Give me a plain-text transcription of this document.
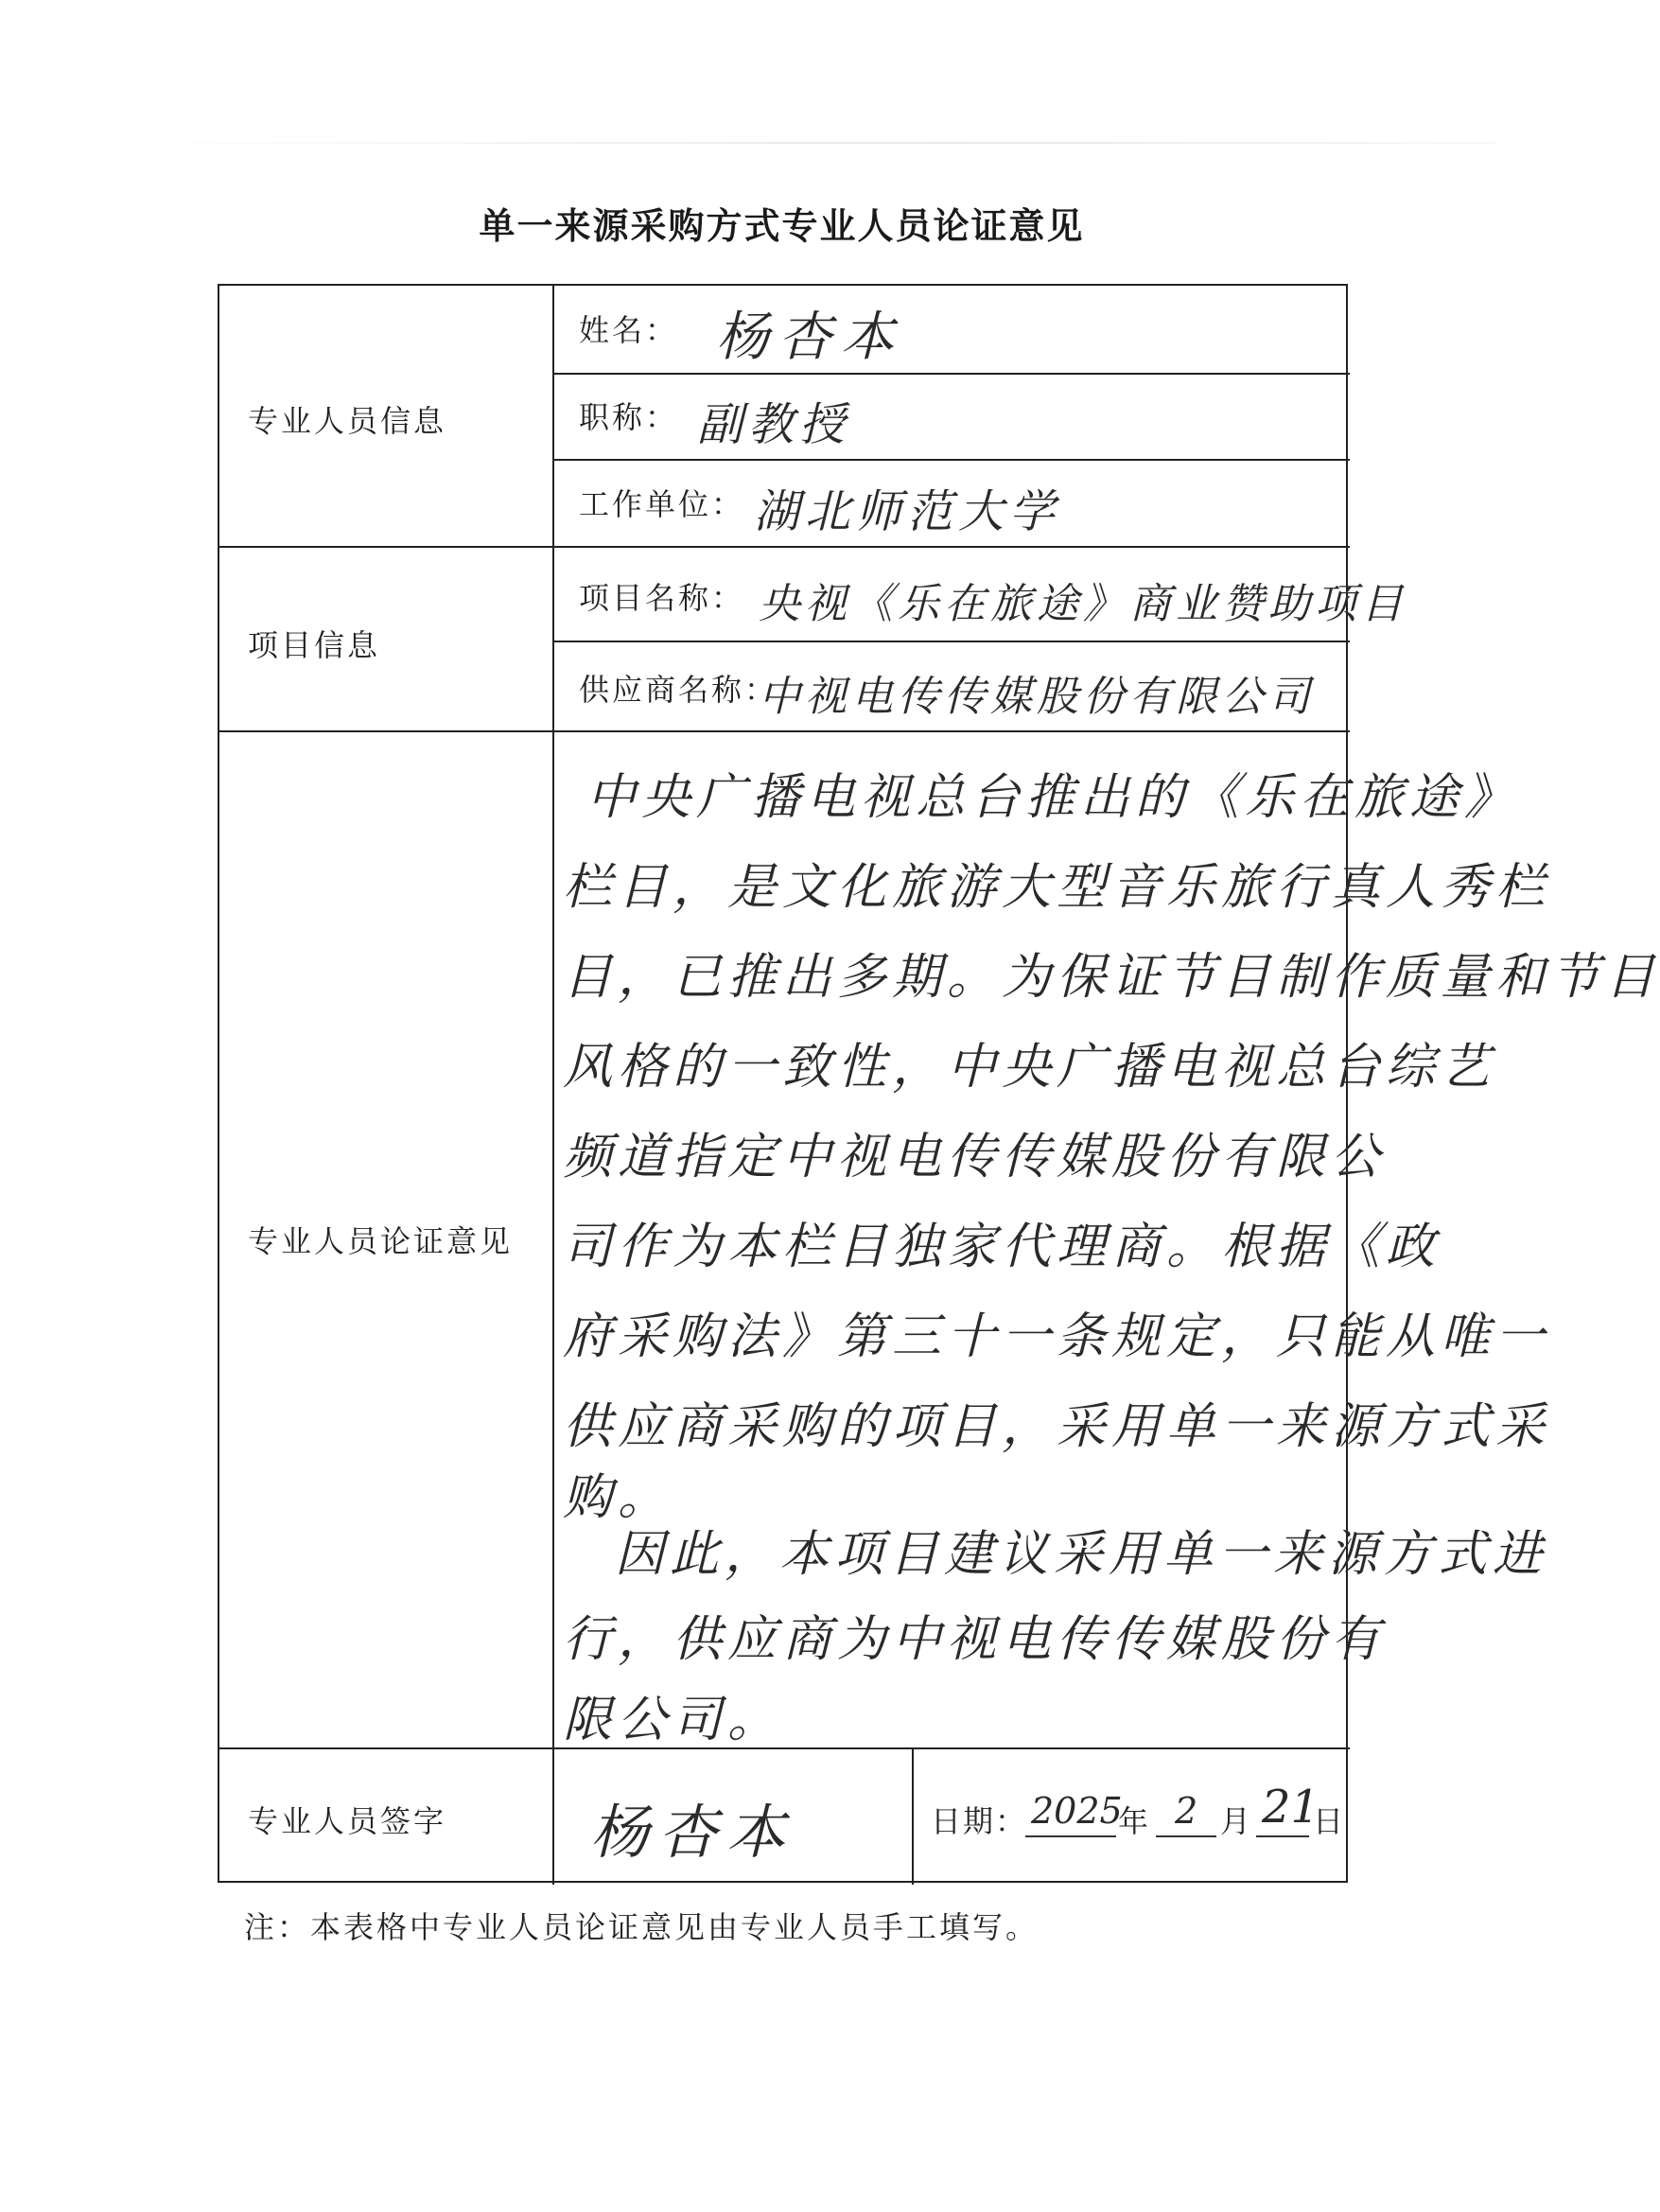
单一来源采购方式专业人员论证意见
专业人员信息
姓名： 杨杏本
职称： 副教授
工作单位： 湖北师范大学
项目信息
项目名称： 央视《乐在旅途》商业赞助项目
供应商名称：
中视电传传媒股份有限公司
专业人员论证意见
专业人员签字 杨杏本	日期： 2025
年 2 月 21
日
中央广播电视总台推出的《乐在旅途》
栏目，是文化旅游大型音乐旅行真人秀栏
目，已推出多期。为保证节目制作质量和节目
风格的一致性，中央广播电视总台综艺
频道指定中视电传传媒股份有限公
司作为本栏目独家代理商。根据《政
府采购法》第三十一条规定，只能从唯一
供应商采购的项目，采用单一来源方式采
购。
因此，本项目建议采用单一来源方式进
行，供应商为中视电传传媒股份有
限公司。
注：本表格中专业人员论证意见由专业人员手工填写。
